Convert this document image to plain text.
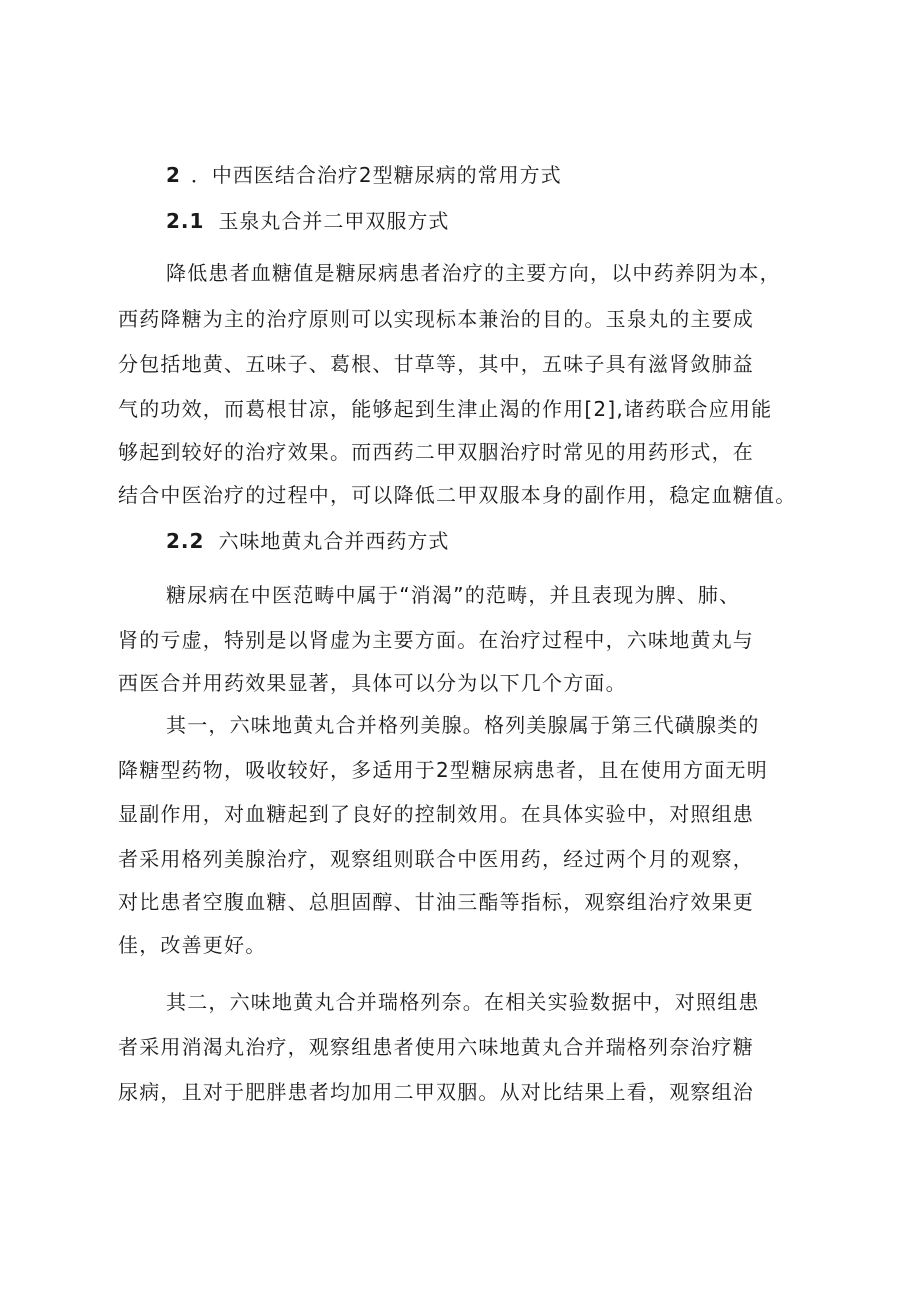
2 ．中西医结合治疗2型糖尿病的常用方式
2.1 玉泉丸合并二甲双服方式
降低患者血糖值是糖尿病患者治疗的主要方向，以中药养阴为本，
西药降糖为主的治疗原则可以实现标本兼治的目的。玉泉丸的主要成
分包括地黄、五味子、葛根、甘草等，其中，五味子具有滋肾敛肺益
气的功效，而葛根甘凉，能够起到生津止渴的作用[2],诸药联合应用能
够起到较好的治疗效果。而西药二甲双胭治疗时常见的用药形式，在
结合中医治疗的过程中，可以降低二甲双服本身的副作用，稳定血糖值。
2.2 六味地黄丸合并西药方式
糖尿病在中医范畴中属于“消渴”的范畴，并且表现为脾、肺、
肾的亏虚，特别是以肾虚为主要方面。在治疗过程中，六味地黄丸与
西医合并用药效果显著，具体可以分为以下几个方面。
其一，六味地黄丸合并格列美腺。格列美腺属于第三代磺腺类的
降糖型药物，吸收较好，多适用于2型糖尿病患者，且在使用方面无明
显副作用，对血糖起到了良好的控制效用。在具体实验中，对照组患
者采用格列美腺治疗，观察组则联合中医用药，经过两个月的观察，
对比患者空腹血糖、总胆固醇、甘油三酯等指标，观察组治疗效果更
佳，改善更好。
其二，六味地黄丸合并瑞格列奈。在相关实验数据中，对照组患
者采用消渴丸治疗，观察组患者使用六味地黄丸合并瑞格列奈治疗糖
尿病，且对于肥胖患者均加用二甲双胭。从对比结果上看，观察组治
